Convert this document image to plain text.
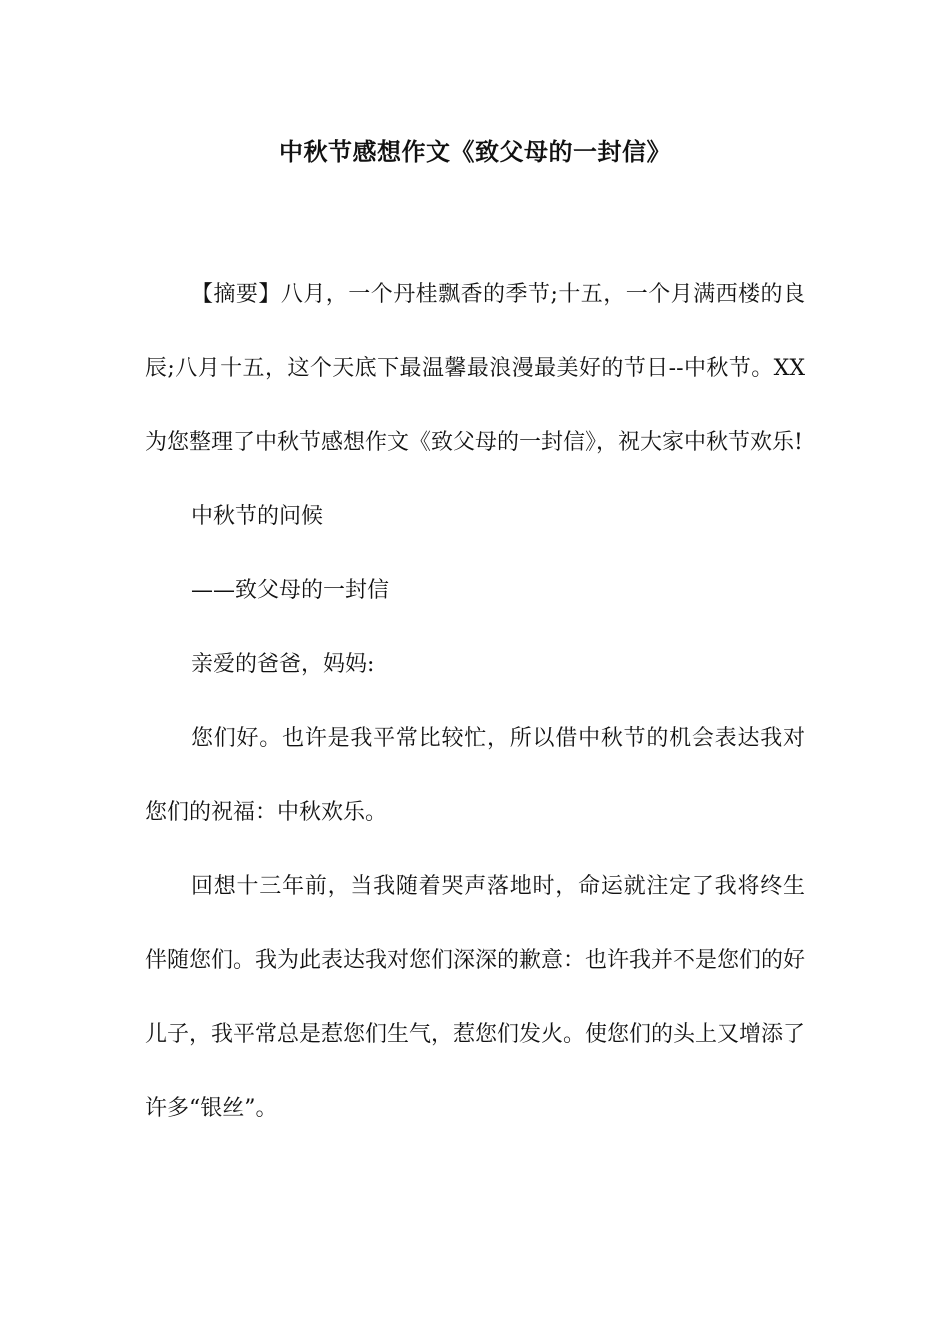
中秋节感想作文《致父母的一封信》

【摘要】八月，一个丹桂飘香的季节;十五，一个月满西楼的良辰;八月十五，这个天底下最温馨最浪漫最美好的节日--中秋节。XX为您整理了中秋节感想作文《致父母的一封信》，祝大家中秋节欢乐!

中秋节的问候

——致父母的一封信

亲爱的爸爸，妈妈:

您们好。也许是我平常比较忙，所以借中秋节的机会表达我对您们的祝福：中秋欢乐。

回想十三年前，当我随着哭声落地时，命运就注定了我将终生伴随您们。我为此表达我对您们深深的歉意：也许我并不是您们的好儿子，我平常总是惹您们生气，惹您们发火。使您们的头上又增添了许多“银丝”。
